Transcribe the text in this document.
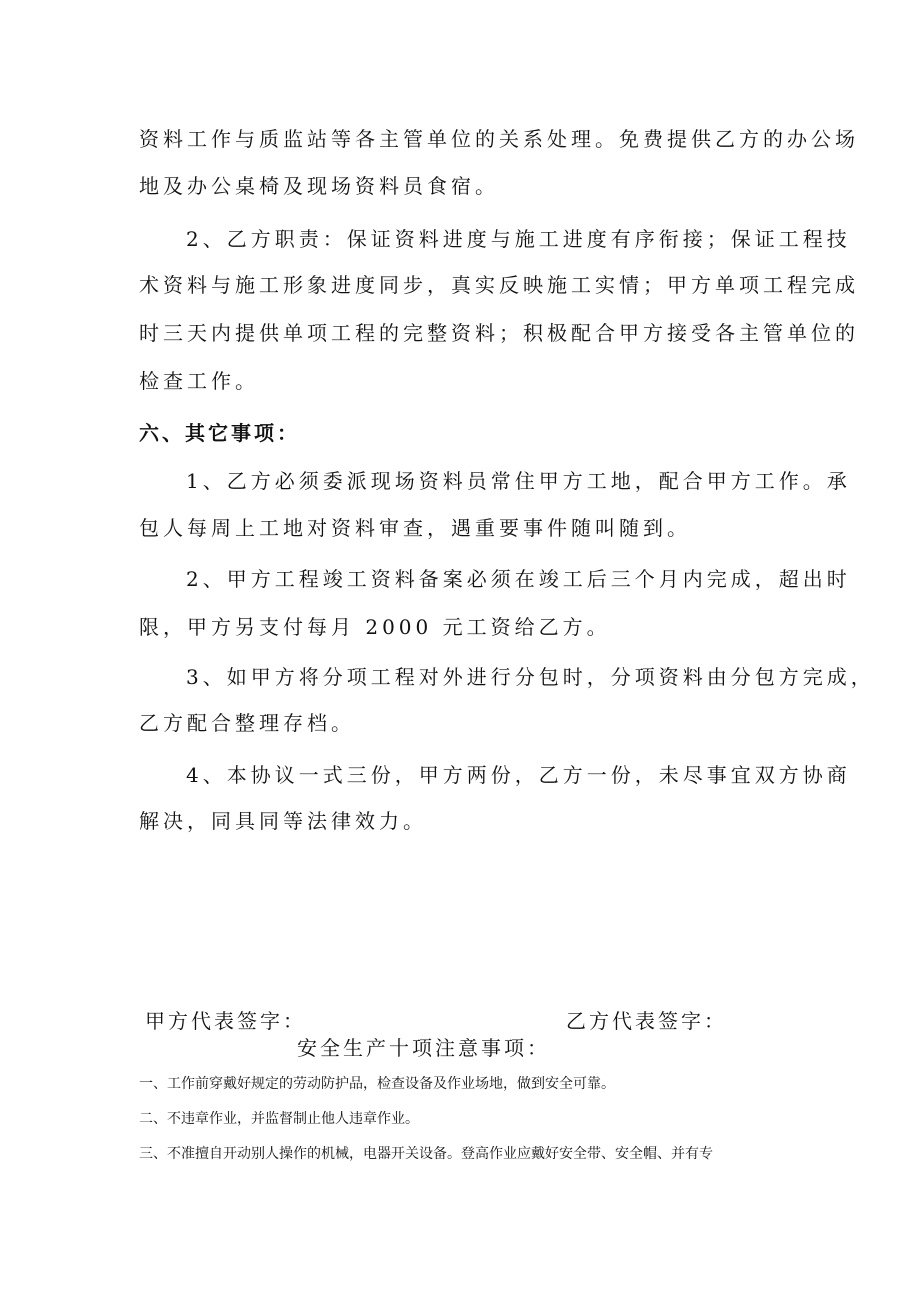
资料工作与质监站等各主管单位的关系处理。免费提供乙方的办公场
地及办公桌椅及现场资料员食宿。
2、乙方职责：保证资料进度与施工进度有序衔接；保证工程技
术资料与施工形象进度同步，真实反映施工实情；甲方单项工程完成
时三天内提供单项工程的完整资料；积极配合甲方接受各主管单位的
检查工作。
六、其它事项：
1、乙方必须委派现场资料员常住甲方工地，配合甲方工作。承
包人每周上工地对资料审查，遇重要事件随叫随到。
2、甲方工程竣工资料备案必须在竣工后三个月内完成，超出时
限，甲方另支付每月 2000 元工资给乙方。
3、如甲方将分项工程对外进行分包时，分项资料由分包方完成，
乙方配合整理存档。
4、本协议一式三份，甲方两份，乙方一份，未尽事宜双方协商
解决，同具同等法律效力。
甲方代表签字：	乙方代表签字：
安全生产十项注意事项：
一、工作前穿戴好规定的劳动防护品，检查设备及作业场地，做到安全可靠。
二、不违章作业，并监督制止他人违章作业。
三、不准擅自开动别人操作的机械，电器开关设备。登高作业应戴好安全带、安全帽、并有专
